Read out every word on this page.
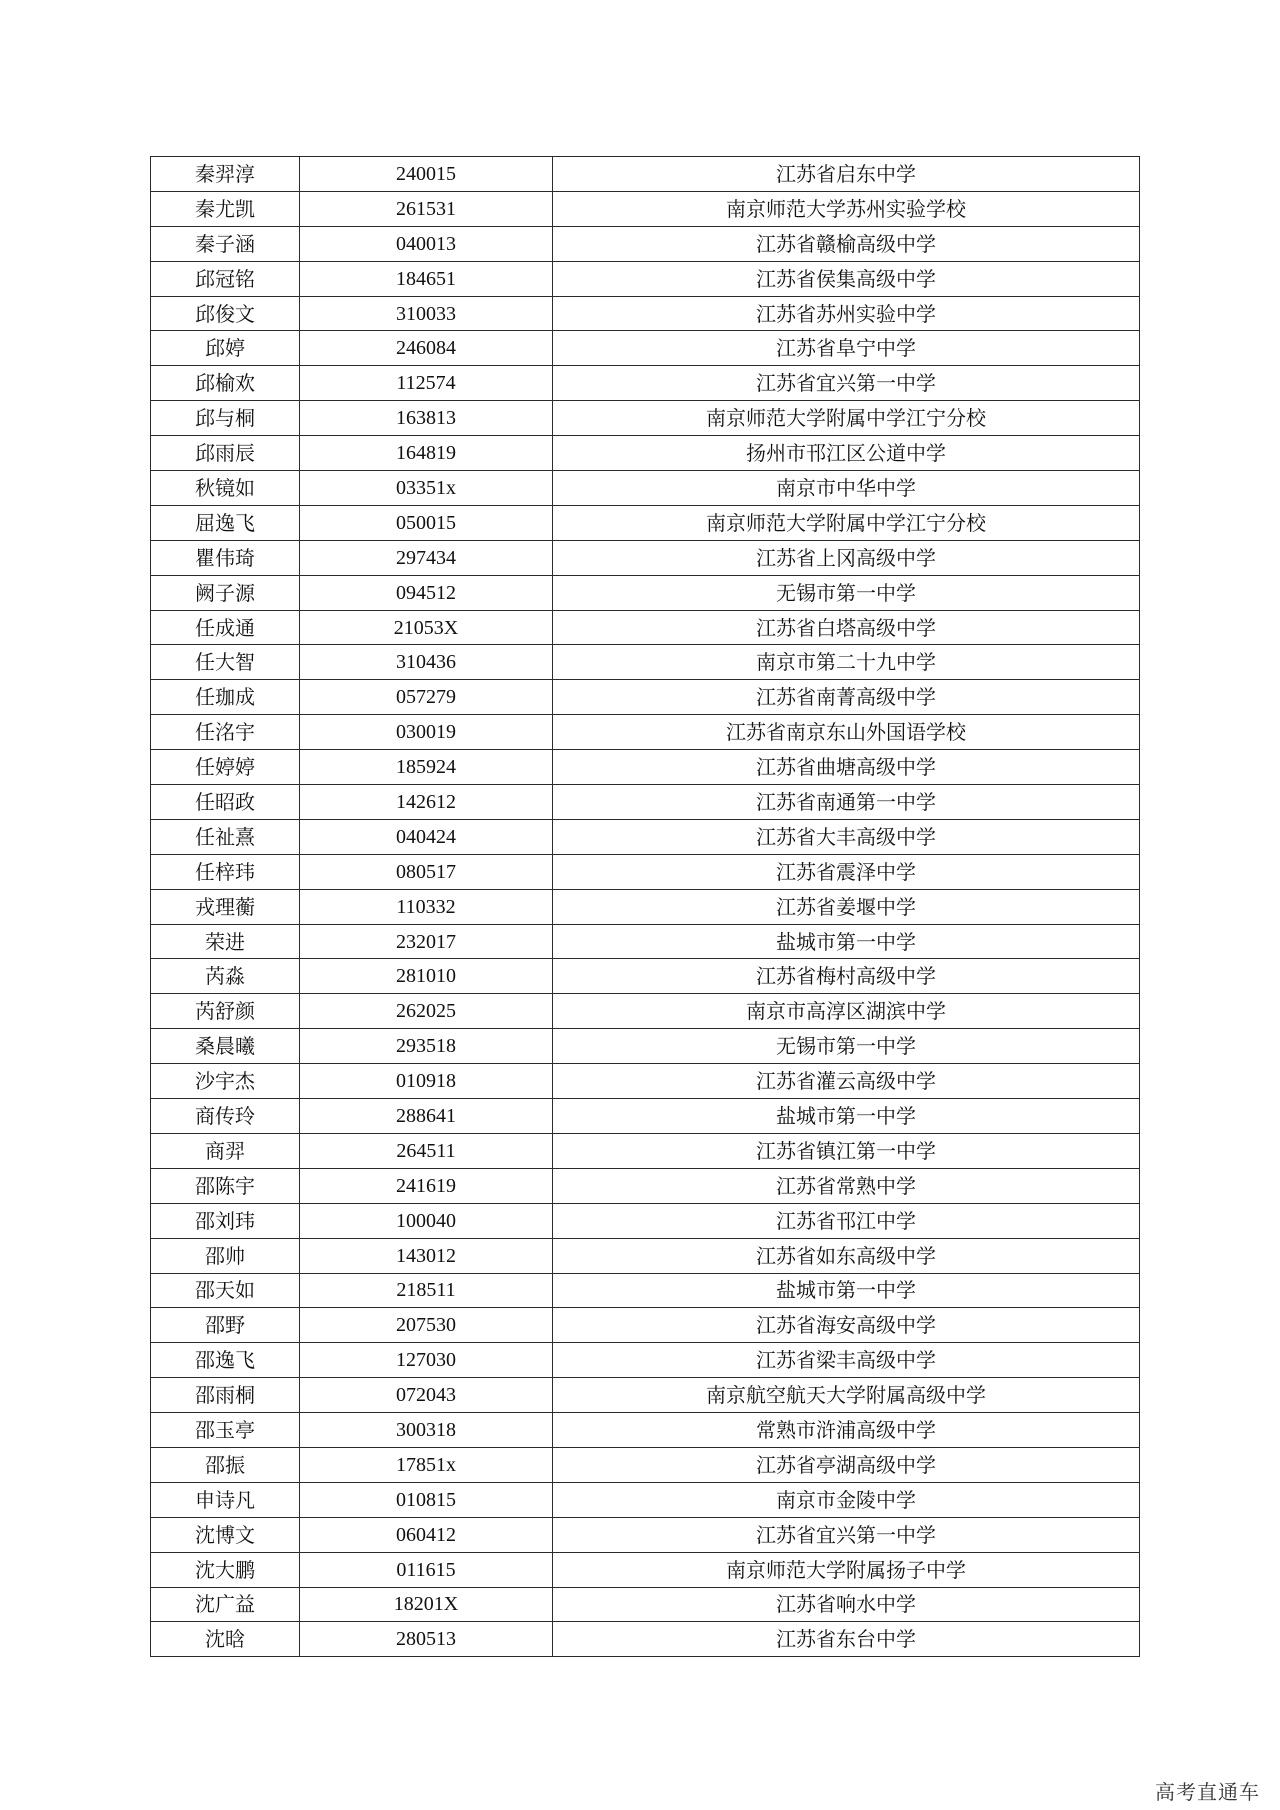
秦羿淳	240015	江苏省启东中学
秦尤凯	261531	南京师范大学苏州实验学校
秦子涵	040013	江苏省赣榆高级中学
邱冠铭	184651	江苏省侯集高级中学
邱俊文	310033	江苏省苏州实验中学
邱婷	246084	江苏省阜宁中学
邱榆欢	112574	江苏省宜兴第一中学
邱与桐	163813	南京师范大学附属中学江宁分校
邱雨辰	164819	扬州市邗江区公道中学
秋镜如	03351x	南京市中华中学
屈逸飞	050015	南京师范大学附属中学江宁分校
瞿伟琦	297434	江苏省上冈高级中学
阙子源	094512	无锡市第一中学
任成通	21053X	江苏省白塔高级中学
任大智	310436	南京市第二十九中学
任珈成	057279	江苏省南菁高级中学
任洺宇	030019	江苏省南京东山外国语学校
任婷婷	185924	江苏省曲塘高级中学
任昭政	142612	江苏省南通第一中学
任祉熹	040424	江苏省大丰高级中学
任梓玮	080517	江苏省震泽中学
戎理蘅	110332	江苏省姜堰中学
荣进	232017	盐城市第一中学
芮淼	281010	江苏省梅村高级中学
芮舒颜	262025	南京市高淳区湖滨中学
桑晨曦	293518	无锡市第一中学
沙宇杰	010918	江苏省灌云高级中学
商传玲	288641	盐城市第一中学
商羿	264511	江苏省镇江第一中学
邵陈宇	241619	江苏省常熟中学
邵刘玮	100040	江苏省邗江中学
邵帅	143012	江苏省如东高级中学
邵天如	218511	盐城市第一中学
邵野	207530	江苏省海安高级中学
邵逸飞	127030	江苏省梁丰高级中学
邵雨桐	072043	南京航空航天大学附属高级中学
邵玉亭	300318	常熟市浒浦高级中学
邵振	17851x	江苏省亭湖高级中学
申诗凡	010815	南京市金陵中学
沈博文	060412	江苏省宜兴第一中学
沈大鹏	011615	南京师范大学附属扬子中学
沈广益	18201X	江苏省响水中学
沈晗	280513	江苏省东台中学
高考直通车
